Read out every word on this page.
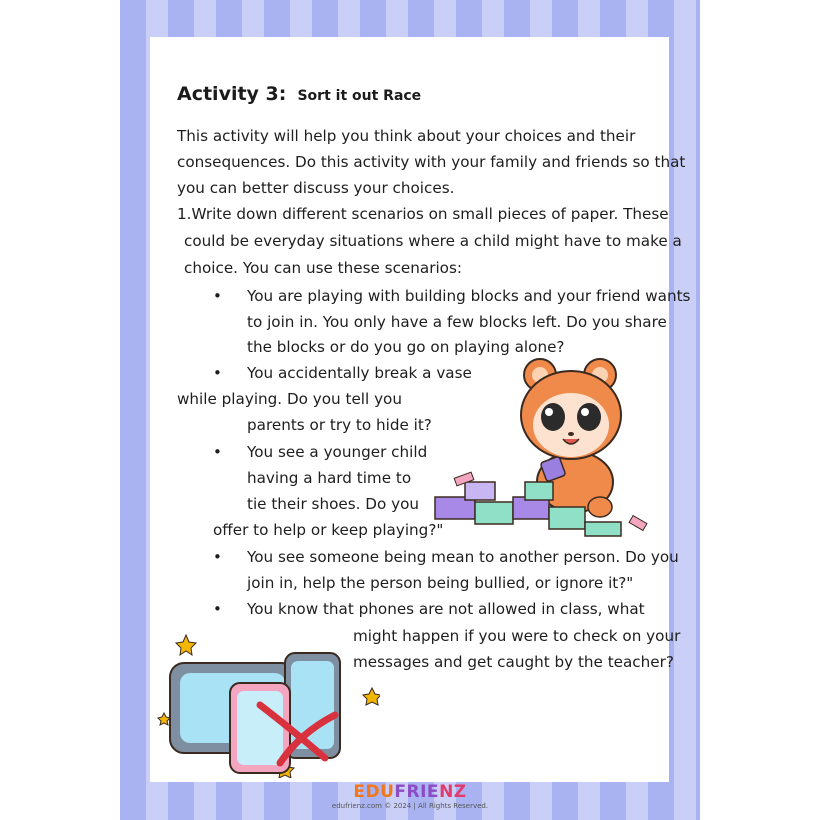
Activity 3: Sort it out Race
This activity will help you think about your choices and their
consequences. Do this activity with your family and friends so that
you can better discuss your choices.
1.Write down different scenarios on small pieces of paper. These
could be everyday situations where a child might have to make a
choice. You can use these scenarios:
• You are playing with building blocks and your friend wants
to join in. You only have a few blocks left. Do you share
the blocks or do you go on playing alone?
• You accidentally break a vase
while playing. Do you tell you
parents or try to hide it?
• You see a younger child
having a hard time to
tie their shoes. Do you
offer to help or keep playing?"
• You see someone being mean to another person. Do you
join in, help the person being bullied, or ignore it?"
• You know that phones are not allowed in class, what
might happen if you were to check on your
messages and get caught by the teacher?
EDUFRIENZ
edufrienz.com © 2024 | All Rights Reserved.
